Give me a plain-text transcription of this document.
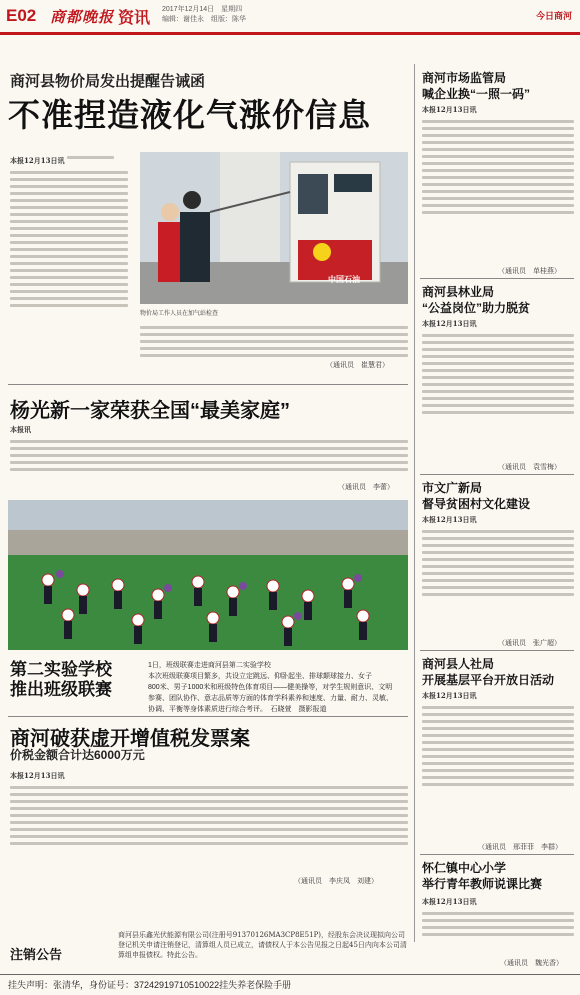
E02 商都晚报 资讯 2017年12月14日　星期四
编辑：谢佳永　组版：陈华	今日商河
商河县物价局发出提醒告诫函
不准捏造液化气涨价信息
本报12月13日讯
中国石油
物价局工作人员在加气站检查
（通讯员　崔慧君）
杨光新一家荣获全国“最美家庭”
本报讯
（通讯员　李蕾）
第二实验学校
推出班级联赛
1日，班级联赛走进商河县第二实验学校
本次班级联赛项目繁多，共设立定跳远、仰卧起坐、排球颠球接力、女子
800米、男子1000米和班级特色体育项目——健美操等，对学生规则意识、文明
参赛、团队协作、意志品质等方面的体育学科素养和速度、力量、耐力、灵敏、
协调、平衡等身体素质进行综合考评。　石晓萱　摄影报道
商河破获虚开增值税发票案
价税金额合计达6000万元
本报12月13日讯
（通讯员　李庆凤　刘建）
注销公告
商河县乐鑫光伏能源有限公司(注册号91370126MA3CP8E51P)，经股东会决议现拟向公司登记机关申请注销登记，清算组人员已成立，请债权人于本公告见报之日起45日内向本公司清算组申报债权。特此公告。
挂失声明：张清华，身份证号：37242919710510022挂失养老保险手册
商河市场监管局
喊企业换“一照一码”
本报12月13日讯
（通讯员　单桂燕）
商河县林业局
“公益岗位”助力脱贫
本报12月13日讯
（通讯员　袁雪梅）
市文广新局
督导贫困村文化建设
本报12月13日讯
（通讯员　张广超）
商河县人社局
开展基层平台开放日活动
本报12月13日讯
（通讯员　邢菲菲　李群）
怀仁镇中心小学
举行青年教师说课比赛
本报12月13日讯
（通讯员　魏光香）
